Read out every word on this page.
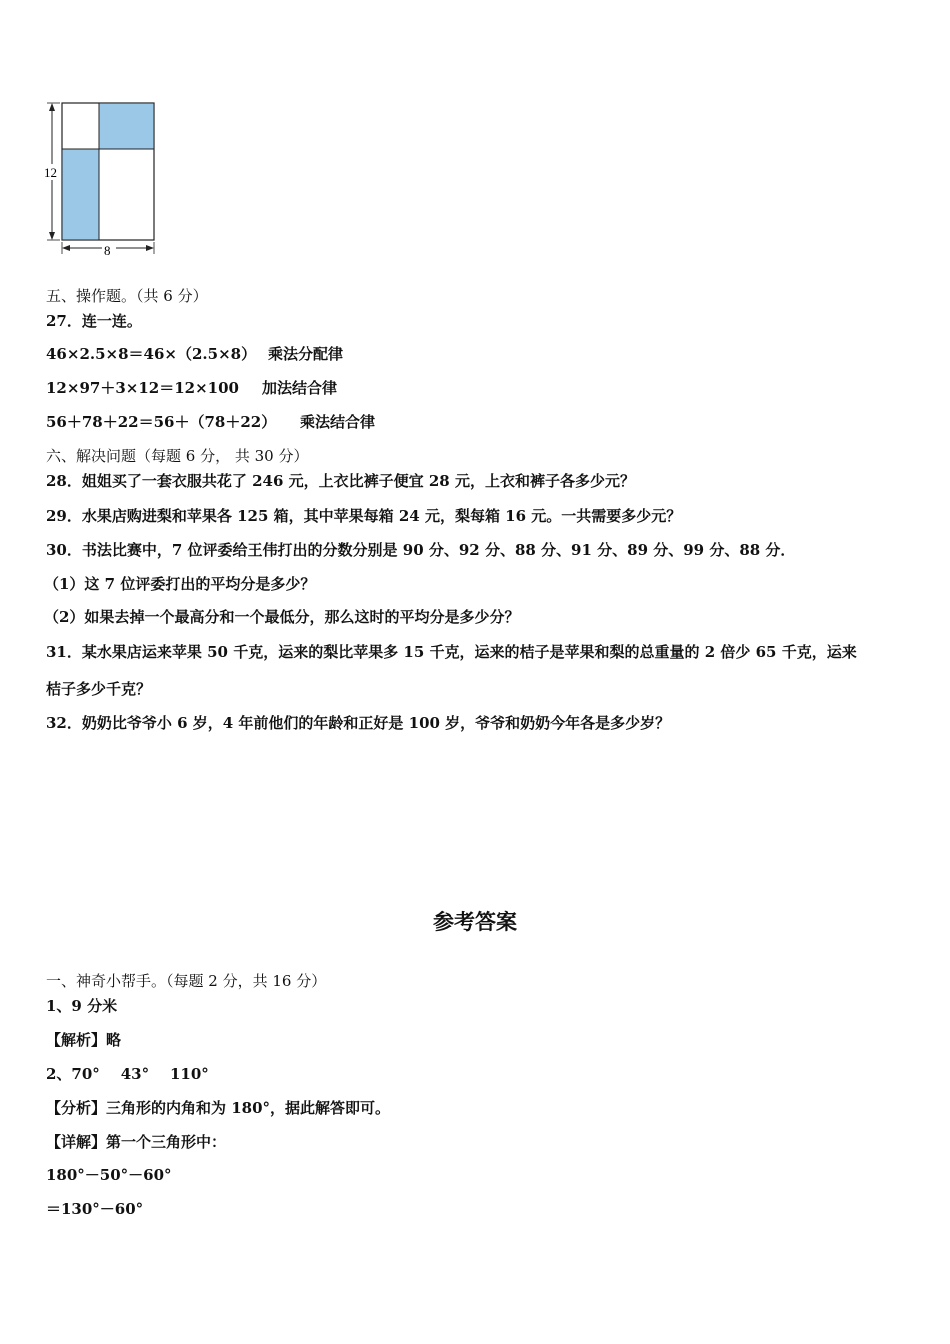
12
8
五、操作题。（共 6 分）
27．连一连。
46×2.5×8＝46×（2.5×8） 乘法分配律
12×97＋3×12＝12×100 加法结合律
56＋78＋22＝56＋（78＋22） 乘法结合律
六、解决问题（每题 6 分， 共 30 分）
28．姐姐买了一套衣服共花了 246 元，上衣比裤子便宜 28 元，上衣和裤子各多少元？
29．水果店购进梨和苹果各 125 箱，其中苹果每箱 24 元，梨每箱 16 元。一共需要多少元？
30．书法比赛中，7 位评委给王伟打出的分数分别是 90 分、92 分、88 分、91 分、89 分、99 分、88 分．
（1）这 7 位评委打出的平均分是多少？
（2）如果去掉一个最高分和一个最低分，那么这时的平均分是多少分？
31．某水果店运来苹果 50 千克，运来的梨比苹果多 15 千克，运来的桔子是苹果和梨的总重量的 2 倍少 65 千克，运来
桔子多少千克？
32．奶奶比爷爷小 6 岁，4 年前他们的年龄和正好是 100 岁，爷爷和奶奶今年各是多少岁？
参考答案
一、神奇小帮手。（每题 2 分，共 16 分）
1、9 分米
【解析】略
2、70°    43°    110°
【分析】三角形的内角和为 180°，据此解答即可。
【详解】第一个三角形中：
180°－50°－60°
＝130°－60°
